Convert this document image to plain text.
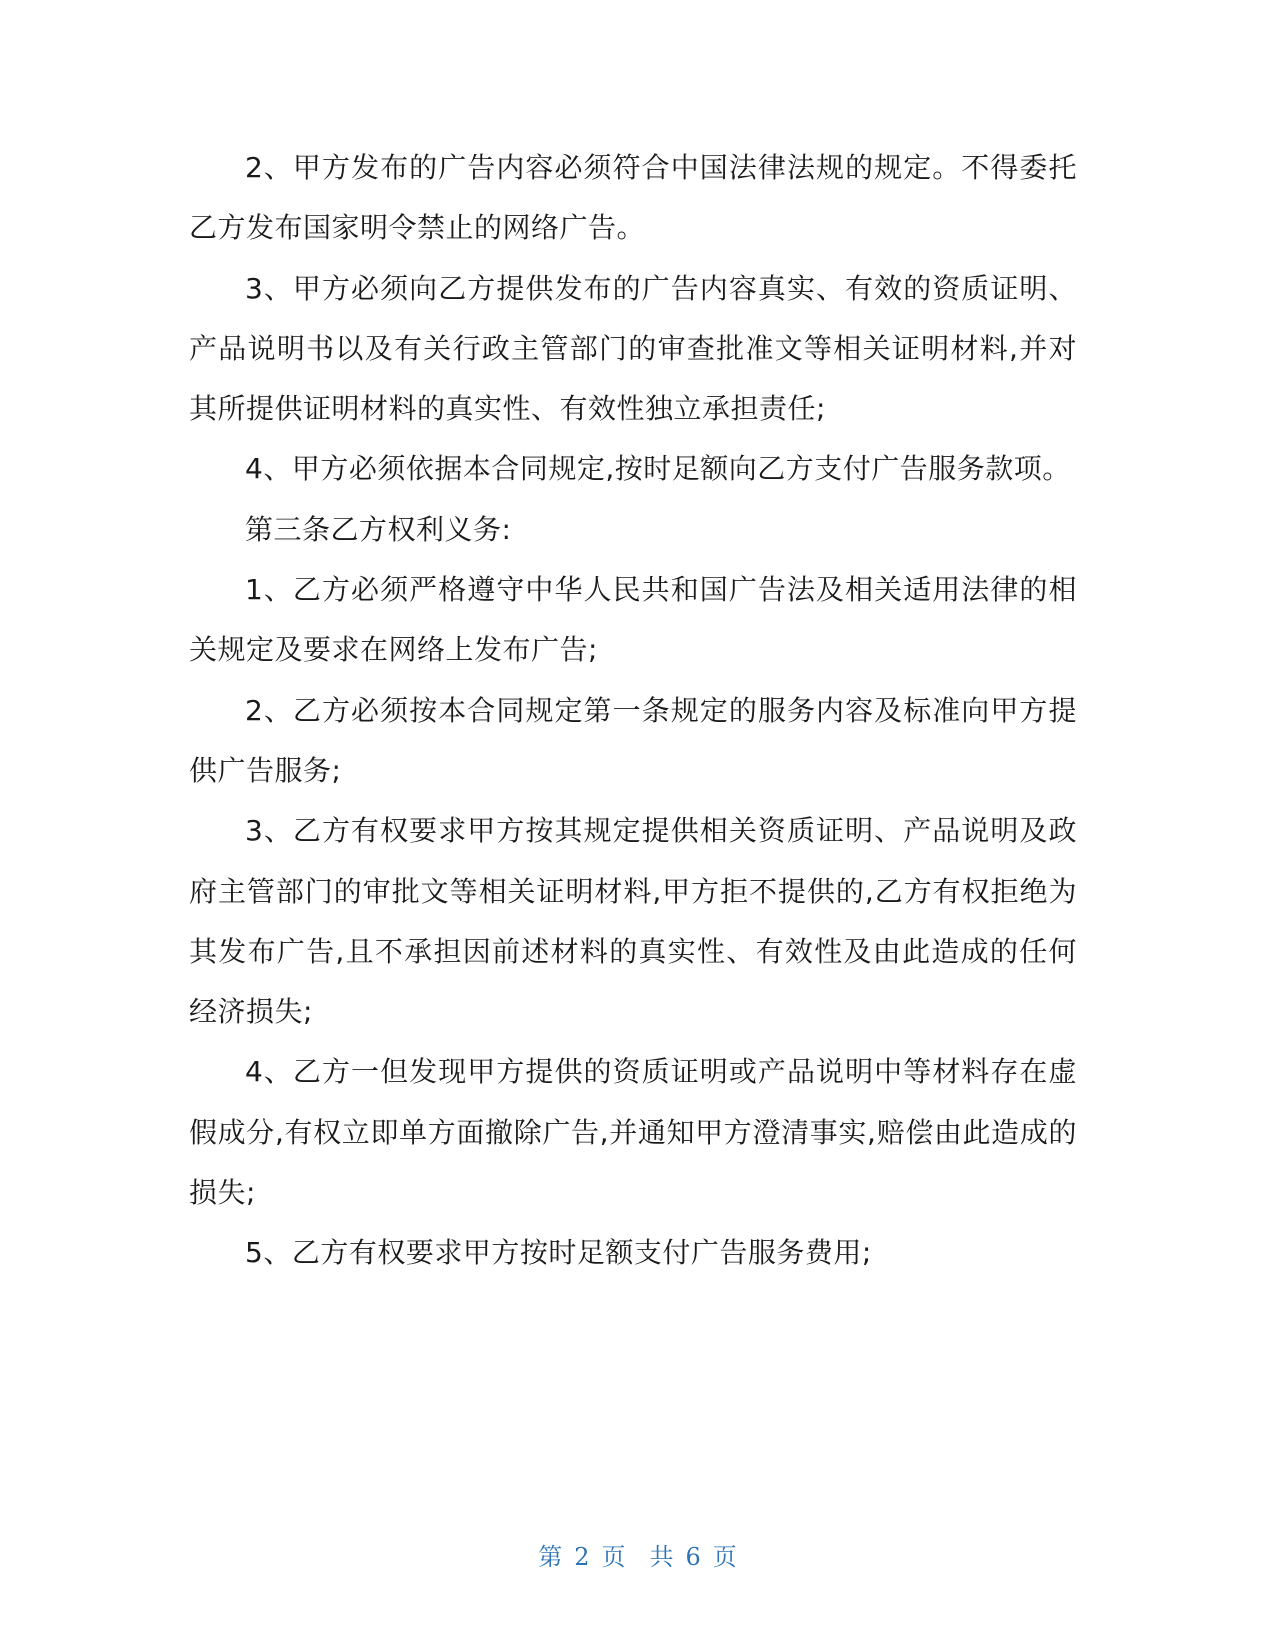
2、甲方发布的广告内容必须符合中国法律法规的规定。不得委托乙方发布国家明令禁止的网络广告。

3、甲方必须向乙方提供发布的广告内容真实、有效的资质证明、产品说明书以及有关行政主管部门的审查批准文等相关证明材料,并对其所提供证明材料的真实性、有效性独立承担责任;

4、甲方必须依据本合同规定,按时足额向乙方支付广告服务款项。

第三条乙方权利义务:

1、乙方必须严格遵守中华人民共和国广告法及相关适用法律的相关规定及要求在网络上发布广告;

2、乙方必须按本合同规定第一条规定的服务内容及标准向甲方提供广告服务;

3、乙方有权要求甲方按其规定提供相关资质证明、产品说明及政府主管部门的审批文等相关证明材料,甲方拒不提供的,乙方有权拒绝为其发布广告,且不承担因前述材料的真实性、有效性及由此造成的任何经济损失;

4、乙方一但发现甲方提供的资质证明或产品说明中等材料存在虚假成分,有权立即单方面撤除广告,并通知甲方澄清事实,赔偿由此造成的损失;

5、乙方有权要求甲方按时足额支付广告服务费用;

第 2 页 共 6 页
